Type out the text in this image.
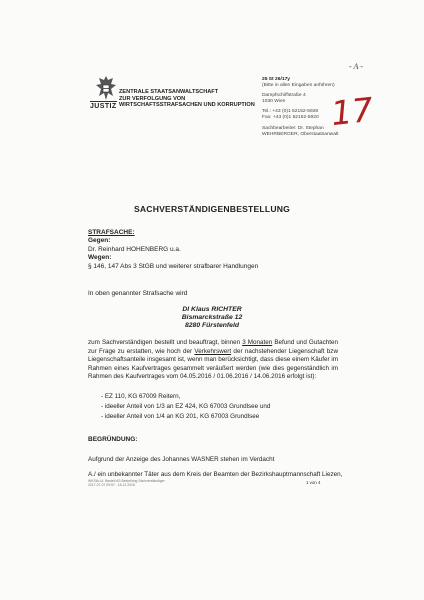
JUSTIZ
ZENTRALE STAATSANWALTSCHAFT
ZUR VERFOLGUNG VON
WIRTSCHAFTSSTRAFSACHEN UND KORRUPTION
- A -
25 St 26/17y
(Bitte in allen Eingaben anführen)
Dampfschiffstraße 4
1030 Wien
Tel.: +43 (0)1 52152-5928
Fax: +43 (0)1 52152-5920
Sachbearbeiter: Dr. Stephan
WEHRBERGER, Oberstaatsanwalt
17
SACHVERSTÄNDIGENBESTELLUNG
STRAFSACHE:
Gegen:
Dr. Reinhard HOHENBERG u.a.
Wegen:
§ 146, 147 Abs 3 StGB und weiterer strafbarer Handlungen
In oben genannter Strafsache wird
DI Klaus RICHTER
Bismarckstraße 12
8280 Fürstenfeld
zum Sachverständigen bestellt und beauftragt, binnen 3 Monaten Befund und Gutachten zur Frage zu erstatten, wie hoch der Verkehrswert der nachstehender Liegenschaft bzw Liegenschaftsanteile insgesamt ist, wenn man berücksichtigt, dass diese einem Käufer im Rahmen eines Kaufvertrages gesammelt veräußert werden (wie dies gegenständlich im Rahmen des Kaufvertrages vom 04.05.2016 / 01.06.2016 / 14.06.2016 erfolgt ist):
- EZ 110, KG 67009 Reitern,
- ideeller Anteil von 1/3 an EZ 424, KG 67003 Grundlsee und
- ideeller Anteil von 1/4 an KG 201, KG 67003 Grundlsee
BEGRÜNDUNG:
Aufgrund der Anzeige des Johannes WASNER stehen im Verdacht
A./ ein unbekannter Täter aus dem Kreis der Beamten der Bezirkshauptmannschaft Liezen,
WKStA-Ui. Bestell AS Bestellung Sachverständiger
2017-07-07 09:57 - 18.12.2016
1 von 4
